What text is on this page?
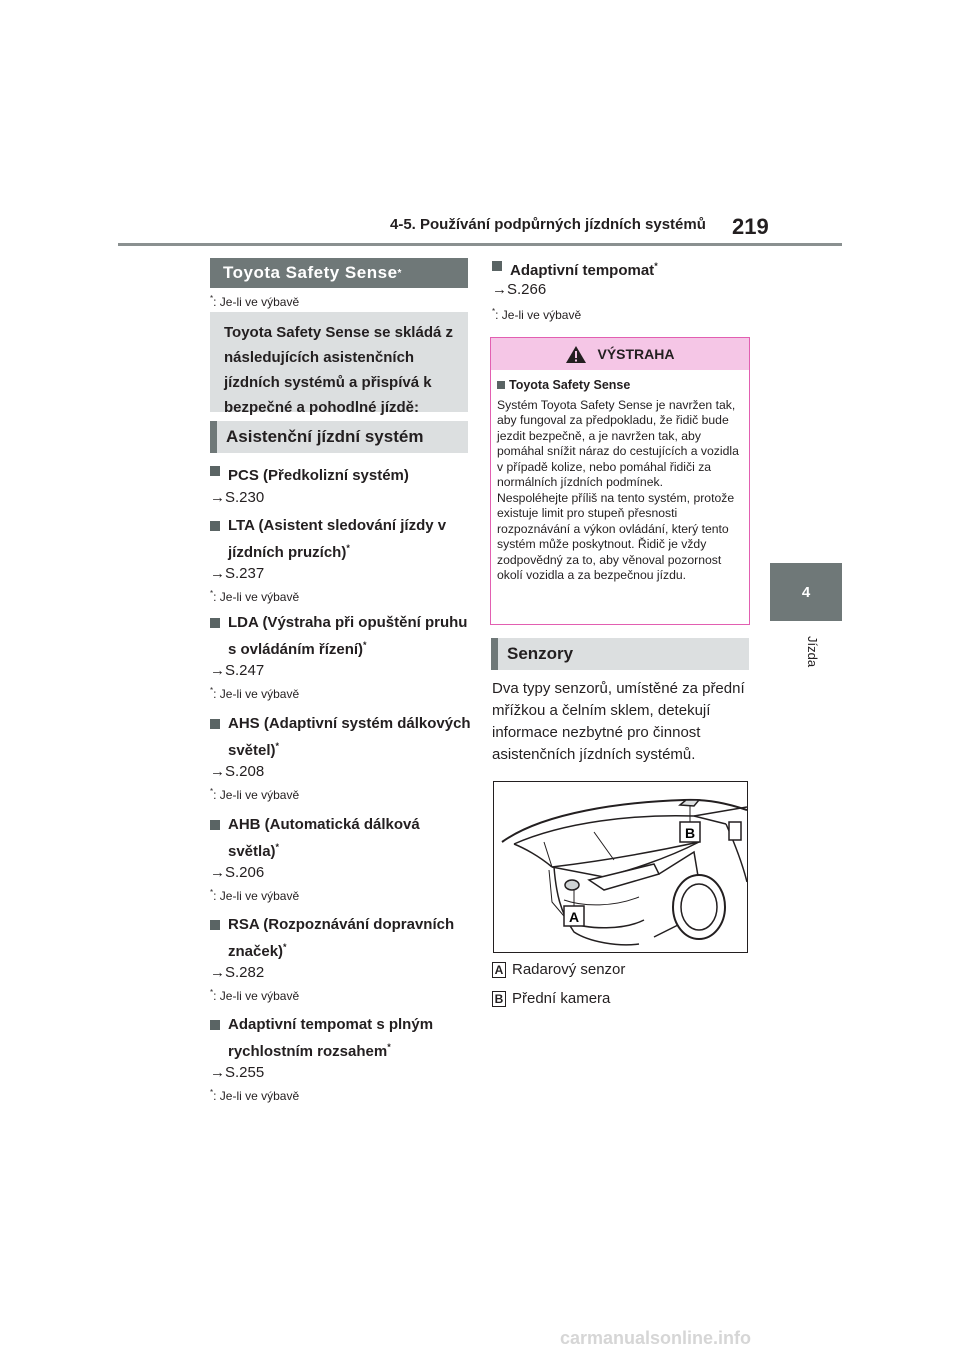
4-5. Používání podpůrných jízdních systémů 219
4
Jízda
Toyota Safety Sense *
*: Je-li ve výbavě
Toyota Safety Sense se skládá z následujících asistenčních jízdních systémů a přispívá k bezpečné a pohodlné jízdě:
Asistenční jízdní systém
PCS (Předkolizní systém)
→S.230
LTA (Asistent sledování jízdy v jízdních pruzích)*
→S.237
*: Je-li ve výbavě
LDA (Výstraha při opuštění pruhu s ovládáním řízení)*
→S.247
*: Je-li ve výbavě
AHS (Adaptivní systém dálkových světel)*
→S.208
*: Je-li ve výbavě
AHB (Automatická dálková světla)*
→S.206
*: Je-li ve výbavě
RSA (Rozpoznávání dopravních značek)*
→S.282
*: Je-li ve výbavě
Adaptivní tempomat s plným rychlostním rozsahem*
→S.255
*: Je-li ve výbavě
Adaptivní tempomat*
→S.266
*: Je-li ve výbavě
VÝSTRAHA
Toyota Safety Sense
Systém Toyota Safety Sense je navržen tak, aby fungoval za předpokladu, že řidič bude jezdit bezpečně, a je navržen tak, aby pomáhal snížit náraz do cestujících a vozidla v případě kolize, nebo pomáhal řidiči za normálních jízdních podmínek.
Nespoléhejte příliš na tento systém, protože existuje limit pro stupeň přesnosti rozpoznávání a výkon ovládání, který tento systém může poskytnout. Řidič je vždy zodpovědný za to, aby věnoval pozornost okolí vozidla a za bezpečnou jízdu.
Senzory
Dva typy senzorů, umístěné za přední mřížkou a čelním sklem, detekují informace nezbytné pro činnost asistenčních jízdních systémů.
B
A
A Radarový senzor
B Přední kamera
carmanualsonline.info
